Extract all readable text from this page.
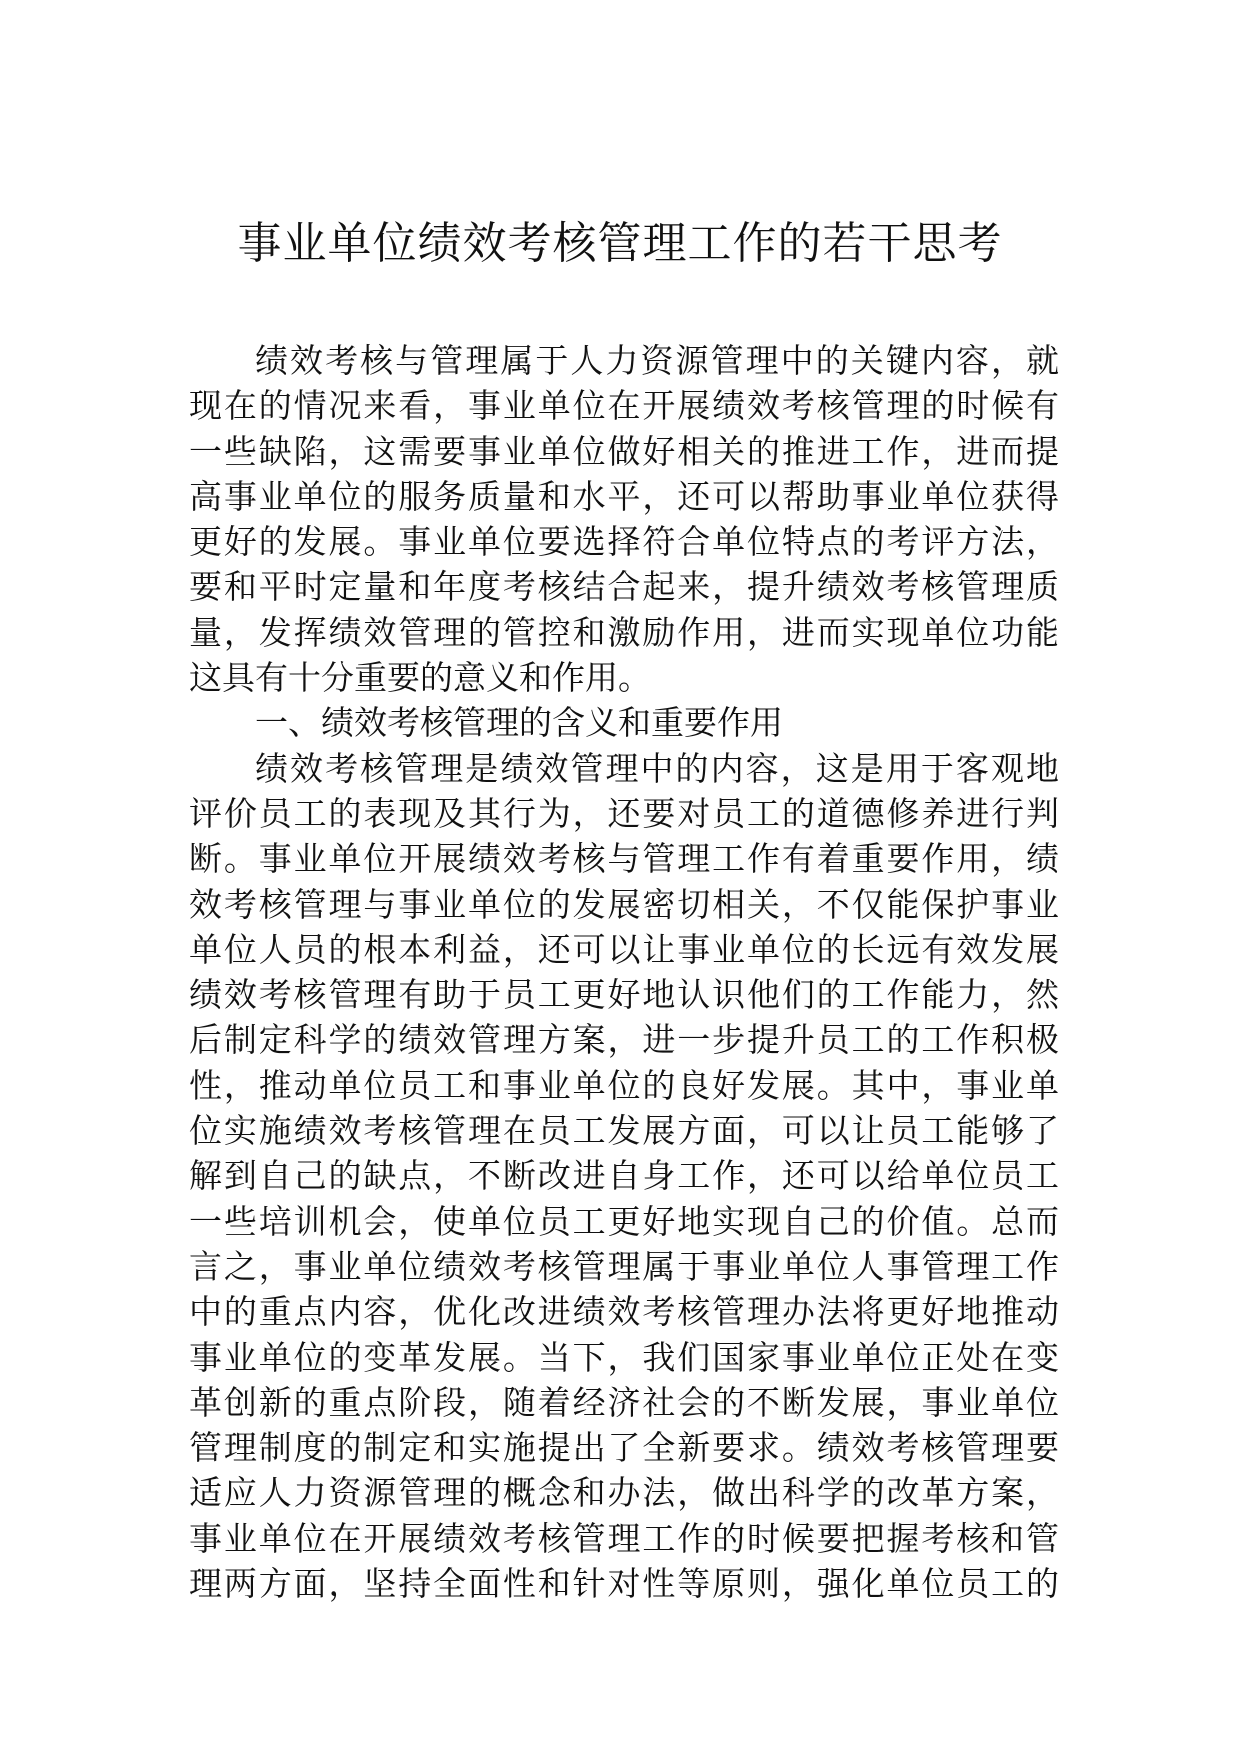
事业单位绩效考核管理工作的若干思考
绩效考核与管理属于人力资源管理中的关键内容，就
现在的情况来看，事业单位在开展绩效考核管理的时候有
一些缺陷，这需要事业单位做好相关的推进工作，进而提
高事业单位的服务质量和水平，还可以帮助事业单位获得
更好的发展。事业单位要选择符合单位特点的考评方法，
要和平时定量和年度考核结合起来，提升绩效考核管理质
量，发挥绩效管理的管控和激励作用，进而实现单位功能
这具有十分重要的意义和作用。
一、绩效考核管理的含义和重要作用
绩效考核管理是绩效管理中的内容，这是用于客观地
评价员工的表现及其行为，还要对员工的道德修养进行判
断。事业单位开展绩效考核与管理工作有着重要作用，绩
效考核管理与事业单位的发展密切相关，不仅能保护事业
单位人员的根本利益，还可以让事业单位的长远有效发展
绩效考核管理有助于员工更好地认识他们的工作能力，然
后制定科学的绩效管理方案，进一步提升员工的工作积极
性，推动单位员工和事业单位的良好发展。其中，事业单
位实施绩效考核管理在员工发展方面，可以让员工能够了
解到自己的缺点，不断改进自身工作，还可以给单位员工
一些培训机会，使单位员工更好地实现自己的价值。总而
言之，事业单位绩效考核管理属于事业单位人事管理工作
中的重点内容，优化改进绩效考核管理办法将更好地推动
事业单位的变革发展。当下，我们国家事业单位正处在变
革创新的重点阶段，随着经济社会的不断发展，事业单位
管理制度的制定和实施提出了全新要求。绩效考核管理要
适应人力资源管理的概念和办法，做出科学的改革方案，
事业单位在开展绩效考核管理工作的时候要把握考核和管
理两方面，坚持全面性和针对性等原则，强化单位员工的
